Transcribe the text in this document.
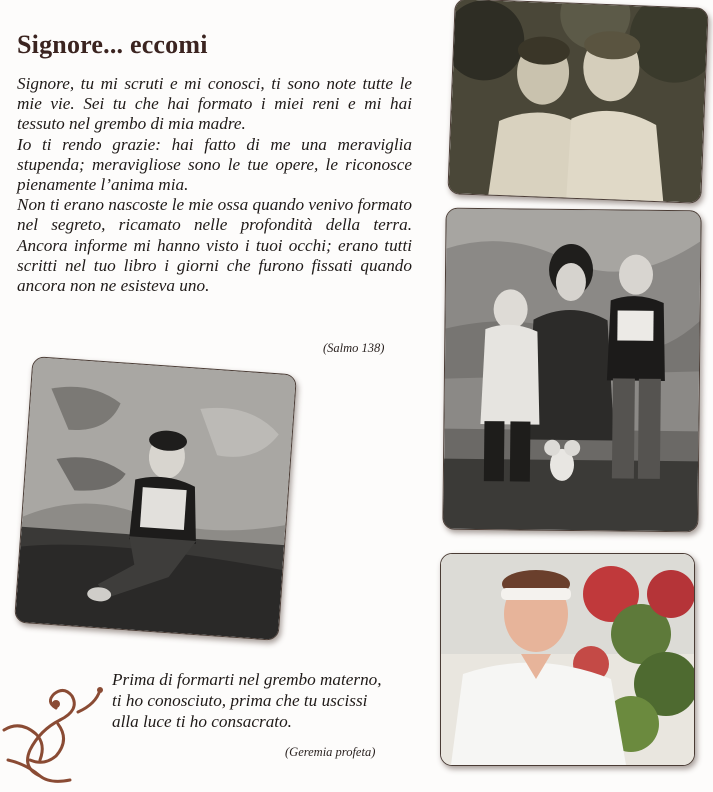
Signore... eccomi

Signore, tu mi scruti e mi conosci, ti sono note tutte le mie vie. Sei tu che hai formato i miei reni e mi hai tessuto nel grembo di mia madre.

Io ti rendo grazie: hai fatto di me una meraviglia stupenda; meravigliose sono le tue opere, le riconosce pienamente l’anima mia.

Non ti erano nascoste le mie ossa quando venivo formato nel segreto, ricamato nelle profondità della terra. Ancora informe mi hanno visto i tuoi occhi; erano tutti scritti nel tuo libro i giorni che furono fissati quando ancora non ne esisteva uno.

(Salmo 138)
Prima di formarti nel grembo materno,
ti ho conosciuto, prima che tu uscissi
alla luce ti ho consacrato.
(Geremia profeta)
